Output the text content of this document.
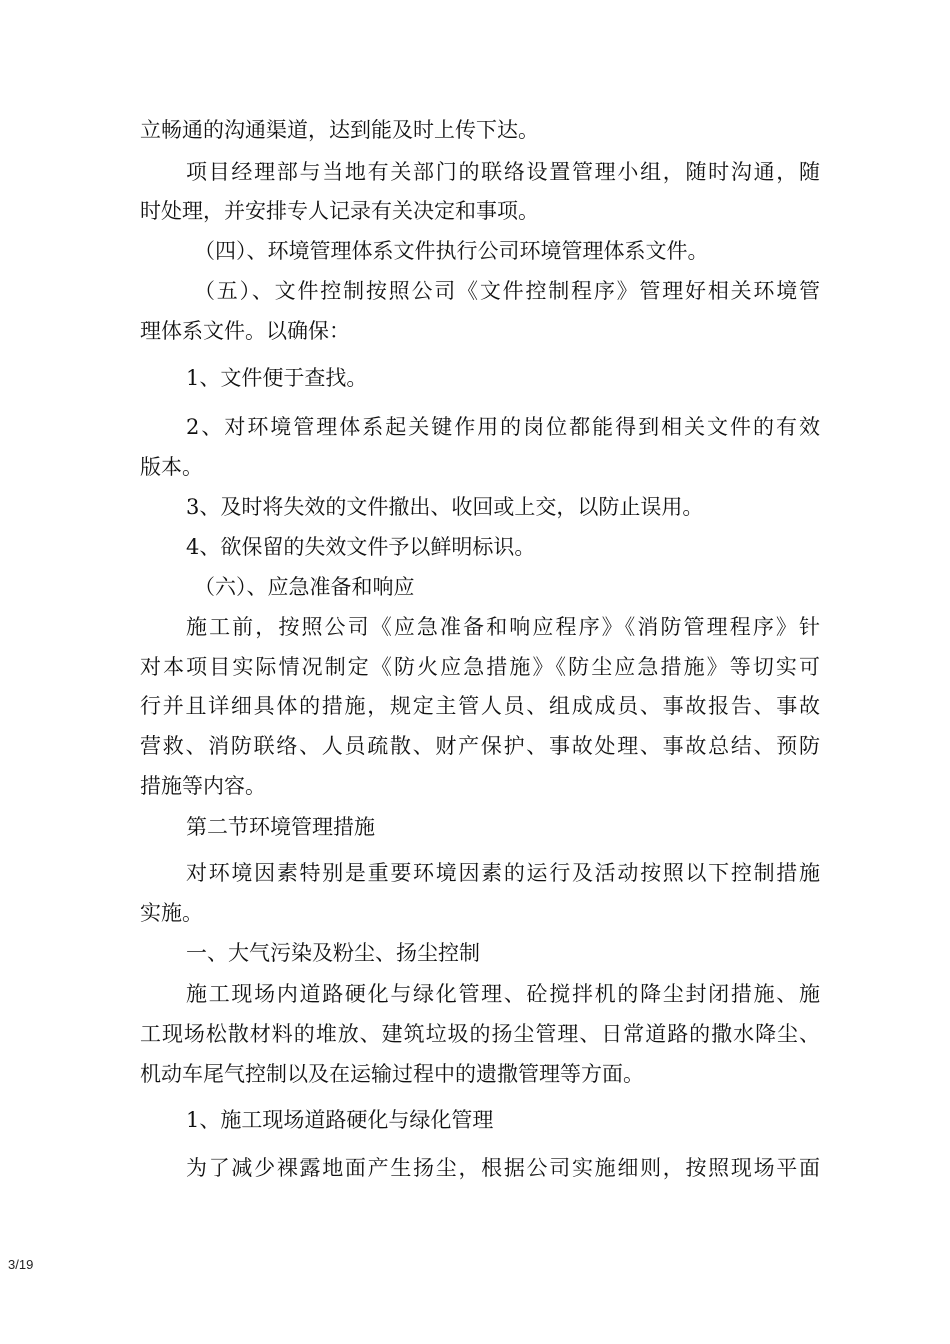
立畅通的沟通渠道，达到能及时上传下达。
项目经理部与当地有关部门的联络设置管理小组，随时沟通，随
时处理，并安排专人记录有关决定和事项。
（四）、环境管理体系文件执行公司环境管理体系文件。
（五）、文件控制按照公司《文件控制程序》管理好相关环境管
理体系文件。以确保：
1、文件便于查找。
2、对环境管理体系起关键作用的岗位都能得到相关文件的有效
版本。
3、及时将失效的文件撤出、收回或上交，以防止误用。
4、欲保留的失效文件予以鲜明标识。
（六）、应急准备和响应
施工前，按照公司《应急准备和响应程序》《消防管理程序》针
对本项目实际情况制定《防火应急措施》《防尘应急措施》等切实可
行并且详细具体的措施，规定主管人员、组成成员、事故报告、事故
营救、消防联络、人员疏散、财产保护、事故处理、事故总结、预防
措施等内容。
第二节环境管理措施
对环境因素特别是重要环境因素的运行及活动按照以下控制措施
实施。
一、大气污染及粉尘、扬尘控制
施工现场内道路硬化与绿化管理、砼搅拌机的降尘封闭措施、施
工现场松散材料的堆放、建筑垃圾的扬尘管理、日常道路的撒水降尘、
机动车尾气控制以及在运输过程中的遗撒管理等方面。
1、施工现场道路硬化与绿化管理
为了减少裸露地面产生扬尘，根据公司实施细则，按照现场平面
3/19
